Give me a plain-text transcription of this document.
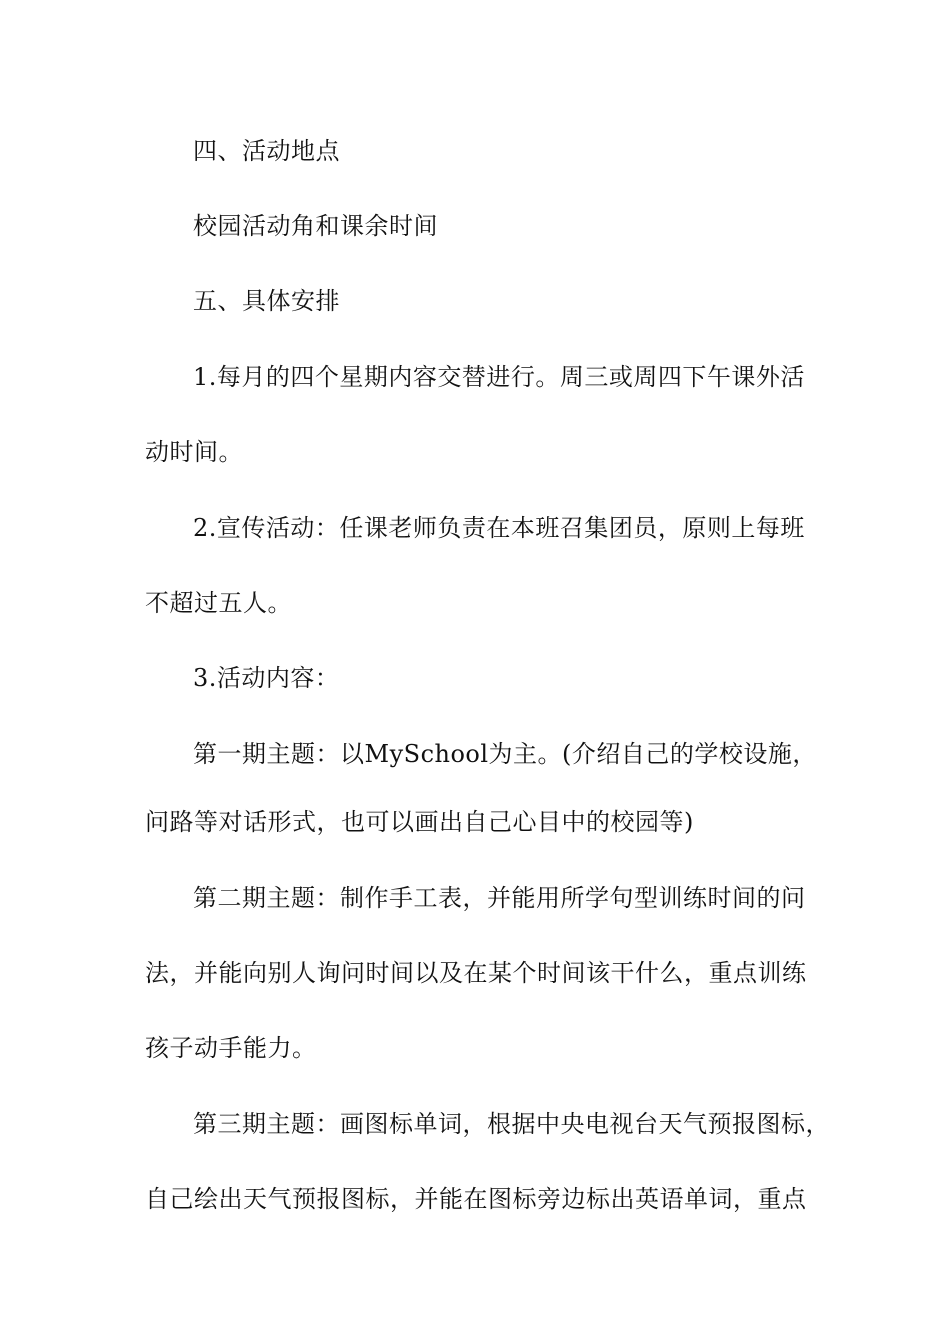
四、活动地点
校园活动角和课余时间
五、具体安排
1.每月的四个星期内容交替进行。周三或周四下午课外活
动时间。
2.宣传活动：任课老师负责在本班召集团员，原则上每班
不超过五人。
3.活动内容：
第一期主题：以MySchool为主。(介绍自己的学校设施，
问路等对话形式，也可以画出自己心目中的校园等)
第二期主题：制作手工表，并能用所学句型训练时间的问
法，并能向别人询问时间以及在某个时间该干什么，重点训练
孩子动手能力。
第三期主题：画图标单词，根据中央电视台天气预报图标，
自己绘出天气预报图标，并能在图标旁边标出英语单词，重点
